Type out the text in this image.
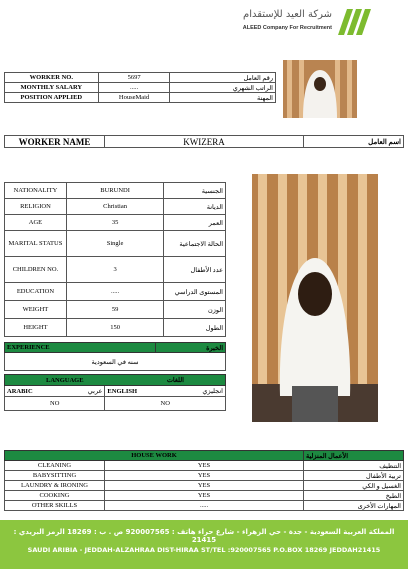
شركة العيد للإستقدام
ALEED Company For Recruitment
WORKER NO.	5697	رقم العامل
MONTHLY SALARY	.....	الراتب الشهري
POSITION APPLIED	HouseMaid	المهنة
WORKER NAME	KWIZERA	اسم العامل
NATIONALITY	BURUNDI	الجنسية
RELIGION	Christian	الديانة
AGE	35	العمر
MARITAL STATUS	Single	الحالة الاجتماعية
CHILDREN NO.	3	عدد الأطفال
EDUCATION	.....	المستوى الدراسي
WEIGHT	59	الوزن
HEIGHT	150	الطول
EXPERIENCE	الخبرة
سنه في السعودية
LANGUAGE اللغات			
ARABIC	عربي	ENGLISH	انجليزي
NO		NO	
HOUSE WORK		الأعمال المنزلية
CLEANING	YES	التنظيف
BABYSITTING	YES	تربية الأطفال
LAUNDRY & IRONING	YES	الغسيل و الكي
COOKING	YES	الطبخ
OTHER SKILLS	.....	المهارات الأخرى
المملكة العربية السعودية - جدة - حي الزهراء - شارع حراء هاتف : 920007565 ص . ب : 18269 الرمز البريدي : 21415
SAUDI ARIBIA - JEDDAH-ALZAHRAA DIST-HIRAA ST/TEL :920007565 P.O.BOX 18269 JEDDAH21415
